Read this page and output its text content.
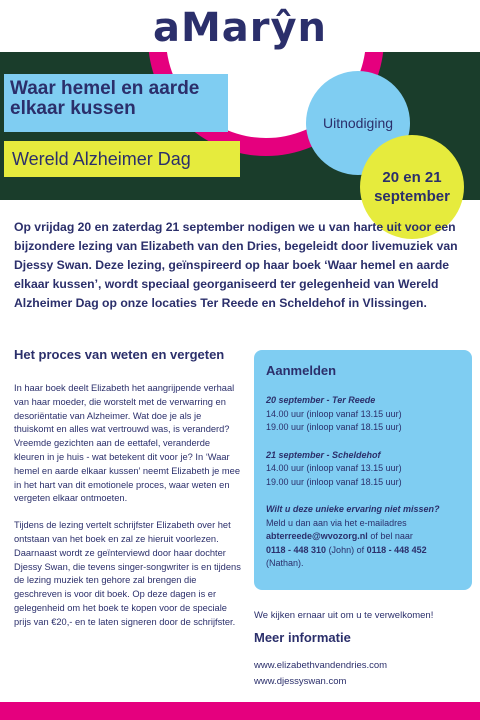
aMarŷn
Waar hemel en aarde elkaar kussen
Wereld Alzheimer Dag
Uitnodiging
20 en 21
september
Op vrijdag 20 en zaterdag 21 september nodigen we u van harte uit voor een bijzondere lezing van Elizabeth van den Dries, begeleidt door livemuziek van Djessy Swan. Deze lezing, geïnspireerd op haar boek ‘Waar hemel en aarde elkaar kussen’, wordt speciaal georganiseerd ter gelegenheid van Wereld Alzheimer Dag op onze locaties Ter Reede en Scheldehof in Vlissingen.
Het proces van weten en vergeten
In haar boek deelt Elizabeth het aangrijpende verhaal van haar moeder, die worstelt met de verwarring en desoriëntatie van Alzheimer. Wat doe je als je thuiskomt en alles wat vertrouwd was, is veranderd? Vreemde gezichten aan de eettafel, veranderde kleuren in je huis - wat betekent dit voor je? In ‘Waar hemel en aarde elkaar kussen’ neemt Elizabeth je mee in het hart van dit emotionele proces, waar weten en vergeten elkaar ontmoeten.
Tijdens de lezing vertelt schrijfster Elizabeth over het ontstaan van het boek en zal ze hieruit voorlezen. Daarnaast wordt ze geïnterviewd door haar dochter Djessy Swan, die tevens singer-songwriter is en tijdens de lezing muziek ten gehore zal brengen die geschreven is voor dit boek. Op deze dagen is er gelegenheid om het boek te kopen voor de speciale prijs van €20,- en te laten signeren door de schrijfster.
Aanmelden
20 september - Ter Reede
14.00 uur (inloop vanaf 13.15 uur)
19.00 uur (inloop vanaf 18.15 uur)
21 september - Scheldehof
14.00 uur (inloop vanaf 13.15 uur)
19.00 uur (inloop vanaf 18.15 uur)
Wilt u deze unieke ervaring niet missen?
Meld u dan aan via het e-mailadres
abterreede@wvozorg.nl of bel naar
0118 - 448 310 (John) of 0118 - 448 452
(Nathan).
We kijken ernaar uit om u te verwelkomen!
Meer informatie
www.elizabethvandendries.com
www.djessyswan.com
